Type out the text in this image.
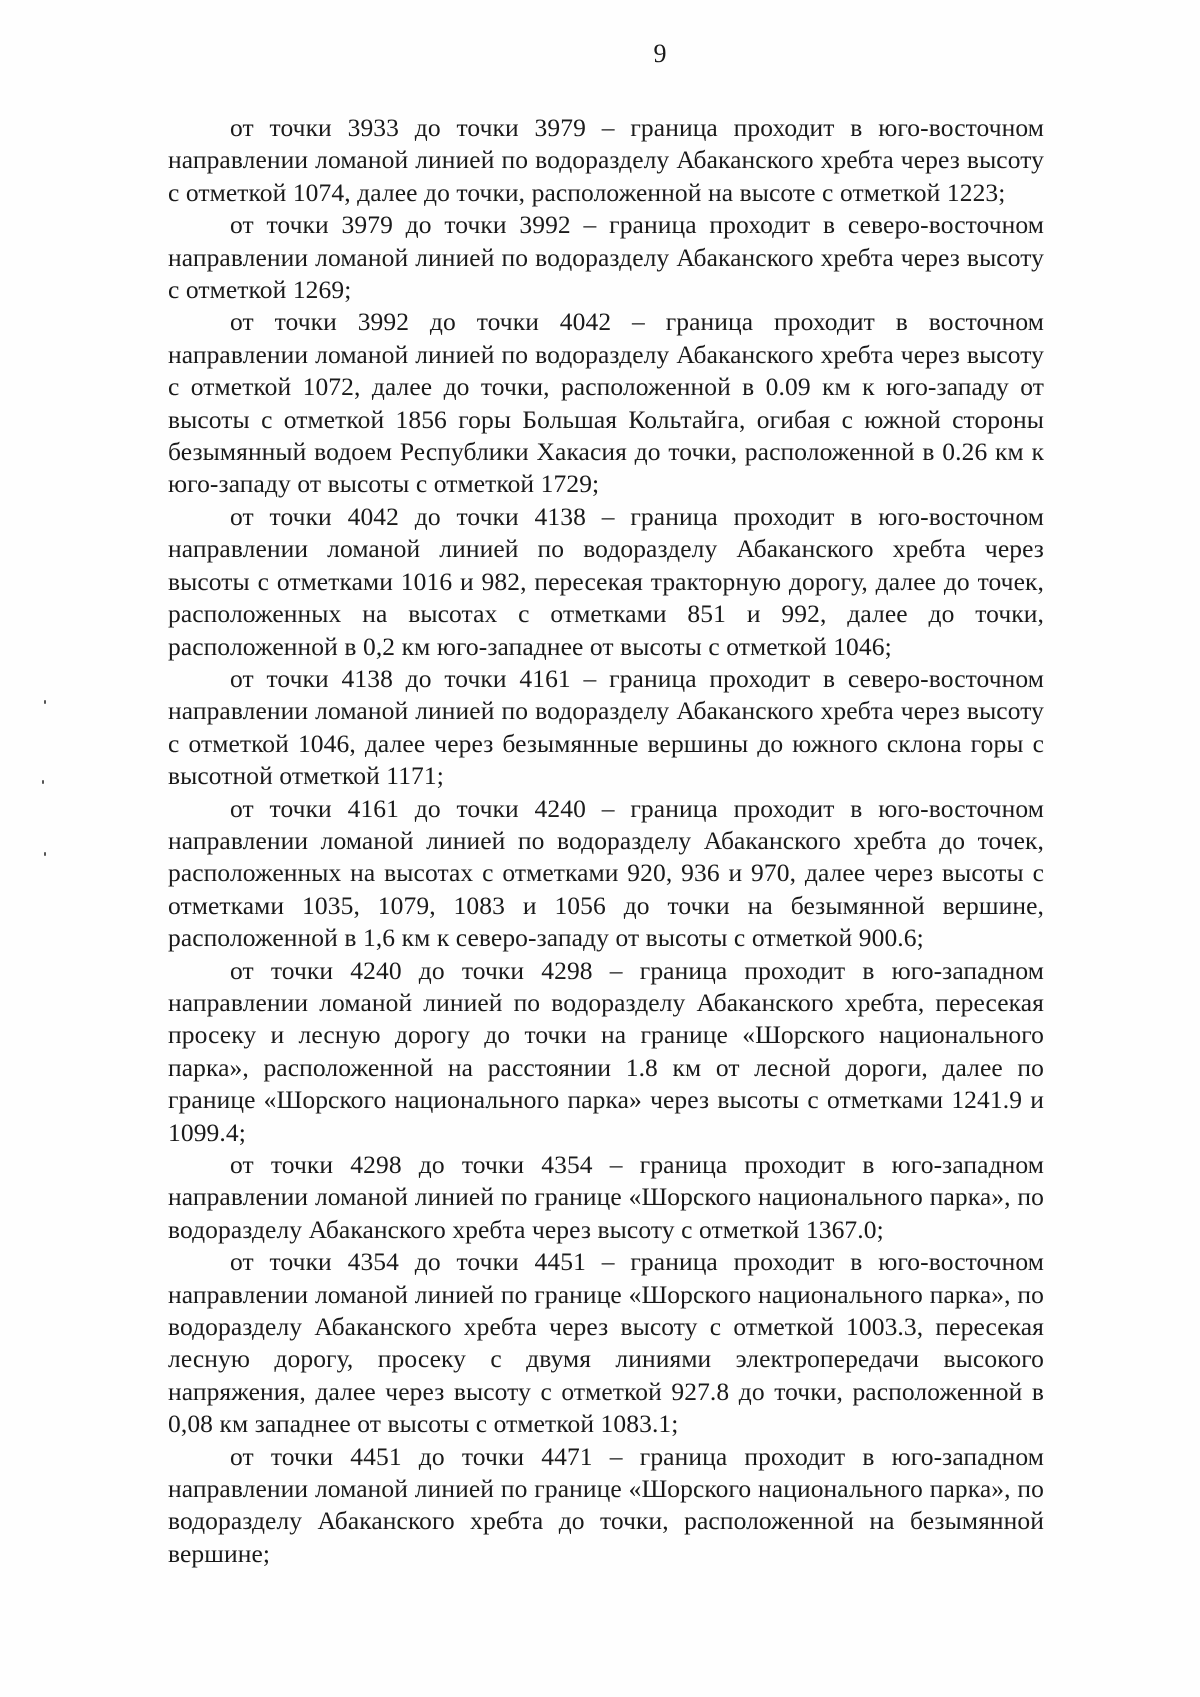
9

от точки 3933 до точки 3979 – граница проходит в юго-восточном направлении ломаной линией по водоразделу Абаканского хребта через высоту с отметкой 1074, далее до точки, расположенной на высоте с отметкой 1223;

от точки 3979 до точки 3992 – граница проходит в северо-восточном направлении ломаной линией по водоразделу Абаканского хребта через высоту с отметкой 1269;

от точки 3992 до точки 4042 – граница проходит в восточном направлении ломаной линией по водоразделу Абаканского хребта через высоту с отметкой 1072, далее до точки, расположенной в 0.09 км к юго-западу от высоты с отметкой 1856 горы Большая Кольтайга, огибая с южной стороны безымянный водоем Республики Хакасия до точки, расположенной в 0.26 км к юго-западу от высоты с отметкой 1729;

от точки 4042 до точки 4138 – граница проходит в юго-восточном направлении ломаной линией по водоразделу Абаканского хребта через высоты с отметками 1016 и 982, пересекая тракторную дорогу, далее до точек, расположенных на высотах с отметками 851 и 992, далее до точки, расположенной в 0,2 км юго-западнее от высоты с отметкой 1046;

от точки 4138 до точки 4161 – граница проходит в северо-восточном направлении ломаной линией по водоразделу Абаканского хребта через высоту с отметкой 1046, далее через безымянные вершины до южного склона горы с высотной отметкой 1171;

от точки 4161 до точки 4240 – граница проходит в юго-восточном направлении ломаной линией по водоразделу Абаканского хребта до точек, расположенных на высотах с отметками 920, 936 и 970, далее через высоты с отметками 1035, 1079, 1083 и 1056 до точки на безымянной вершине, расположенной в 1,6 км к северо-западу от высоты с отметкой 900.6;

от точки 4240 до точки 4298 – граница проходит в юго-западном направлении ломаной линией по водоразделу Абаканского хребта, пересекая просеку и лесную дорогу до точки на границе «Шорского национального парка», расположенной на расстоянии 1.8 км от лесной дороги, далее по границе «Шорского национального парка» через высоты с отметками 1241.9 и 1099.4;

от точки 4298 до точки 4354 – граница проходит в юго-западном направлении ломаной линией по границе «Шорского национального парка», по водоразделу Абаканского хребта через высоту с отметкой 1367.0;

от точки 4354 до точки 4451 – граница проходит в юго-восточном направлении ломаной линией по границе «Шорского национального парка», по водоразделу Абаканского хребта через высоту с отметкой 1003.3, пересекая лесную дорогу, просеку с двумя линиями электропередачи высокого напряжения, далее через высоту с отметкой 927.8 до точки, расположенной в 0,08 км западнее от высоты с отметкой 1083.1;

от точки 4451 до точки 4471 – граница проходит в юго-западном направлении ломаной линией по границе «Шорского национального парка», по водоразделу Абаканского хребта до точки, расположенной на безымянной вершине;
